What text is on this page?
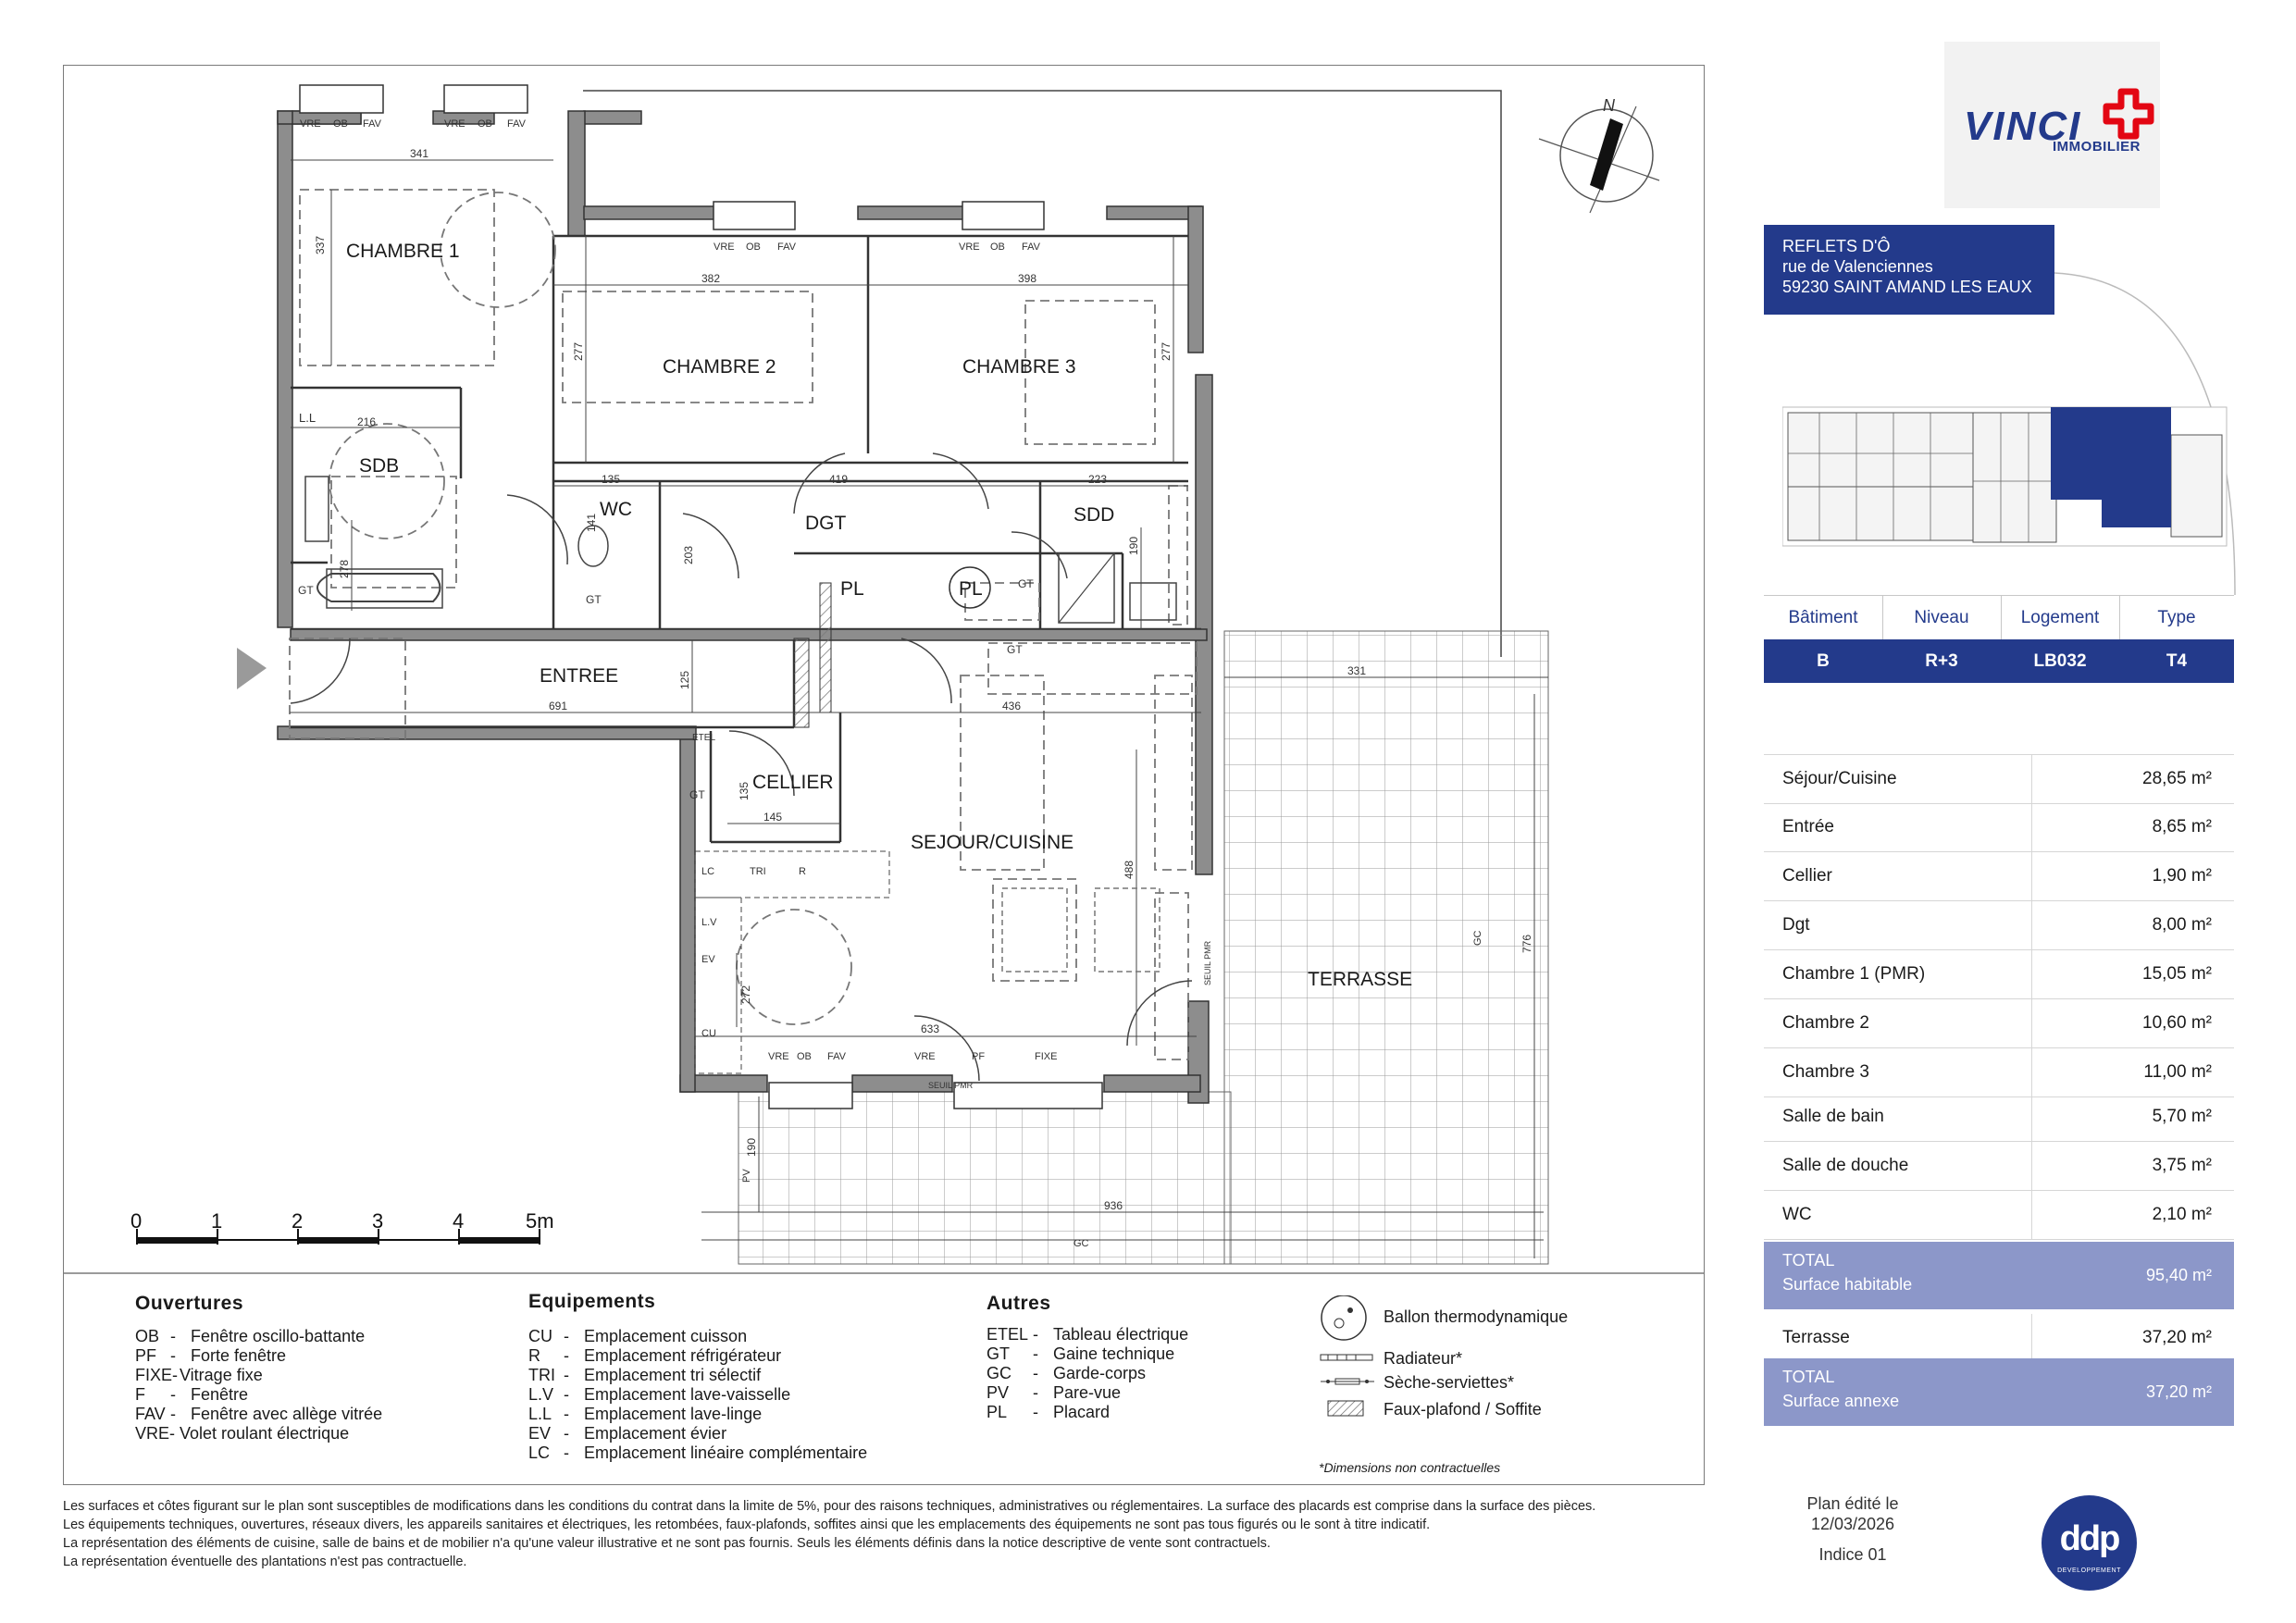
CHAMBRE 1
CHAMBRE 2	CHAMBRE 3
SDB
WC
DGT	SDD
ENTREE
CELLIER
SEJOUR/CUISINE
TERRASSE
PL	PL
341
337
382	398
277	277
216
278
135	419	223
141
203	190
125
691	436
331
145
135
488
272
633
776
190
936
VRE OB FAV	VRE OB FAV
VRE OB FAV	VRE OB FAV
L.L
GT
GT
GT
GT
GT
ETEL
LC	TRI	R
L.V
EV
CU
VRE OB FAV	VRE	PF	FIXE
SEUIL PMR
SEUIL PMR
GC
GC
PV
N
0	1	2	3	4	5m
Ouvertures
OB - Fenêtre oscillo-battante
PF - Forte fenêtre
FIXE- Vitrage fixe
F - Fenêtre
FAV - Fenêtre avec allège vitrée
VRE- Volet roulant électrique
Equipements
CU - Emplacement cuisson
R - Emplacement réfrigérateur
TRI - Emplacement tri sélectif
L.V - Emplacement lave-vaisselle
L.L - Emplacement lave-linge
EV - Emplacement évier
LC - Emplacement linéaire complémentaire
Autres
ETEL - Tableau électrique
GT - Gaine technique
GC - Garde-corps
PV - Pare-vue
PL - Placard
Ballon thermodynamique
Radiateur*
Sèche-serviettes*
Faux-plafond / Soffite
*Dimensions non contractuelles
Les surfaces et côtes figurant sur le plan sont susceptibles de modifications dans les conditions du contrat dans la limite de 5%, pour des raisons techniques, administratives ou réglementaires. La surface des placards est comprise dans la surface des pièces.
Les équipements techniques, ouvertures, réseaux divers, les appareils sanitaires et électriques, les retombées, faux-plafonds, soffites ainsi que les emplacements des équipements ne sont pas tous figurés ou le sont à titre indicatif.
La représentation des éléments de cuisine, salle de bains et de mobilier n'a qu'une valeur illustrative et ne sont pas fournis. Seuls les éléments définis dans la notice descriptive de vente sont contractuels.
La représentation éventuelle des plantations n'est pas contractuelle.
VINCI
IMMOBILIER
REFLETS D'Ô
rue de Valenciennes
59230 SAINT AMAND LES EAUX
Bâtiment	Niveau	Logement	Type
B	R+3	LB032	T4
Séjour/Cuisine	28,65 m²
Entrée	8,65 m²
Cellier	1,90 m²
Dgt	8,00 m²
Chambre 1 (PMR)	15,05 m²
Chambre 2	10,60 m²
Chambre 3	11,00 m²
Salle de bain	5,70 m²
Salle de douche	3,75 m²
WC	2,10 m²
TOTAL
Surface habitable	95,40 m²
Terrasse	37,20 m²
TOTAL
Surface annexe	37,20 m²
Plan édité le
12/03/2026
Indice 01	ddp
DEVELOPPEMENT
